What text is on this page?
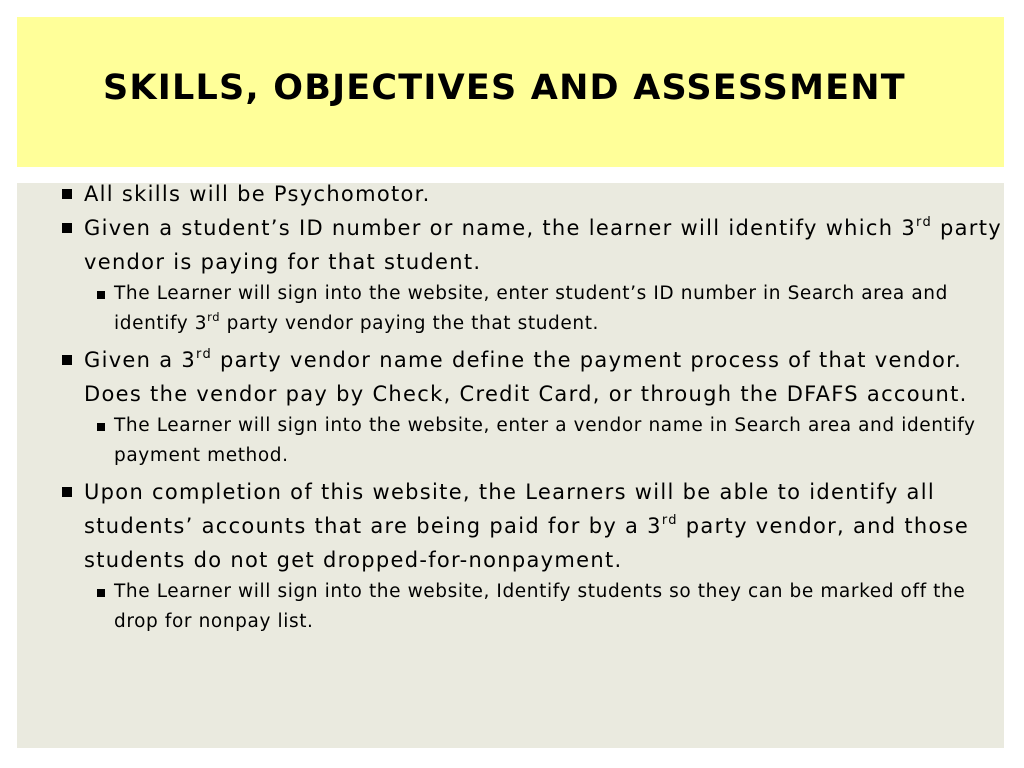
SKILLS, OBJECTIVES AND ASSESSMENT
All skills will be Psychomotor.
Given a student’s ID number or name, the learner will identify which 3rd party vendor is paying for that student.
The Learner will sign into the website, enter student’s ID number in Search area and identify 3rd party vendor paying the that student.
Given a 3rd party vendor name define the payment process of that vendor. Does the vendor pay by Check, Credit Card, or through the DFAFS account.
The Learner will sign into the website, enter a vendor name in Search area and identify payment method.
Upon completion of this website, the Learners will be able to identify all students’ accounts that are being paid for by a 3rd party vendor, and those students do not get dropped-for-nonpayment.
The Learner will sign into the website, Identify students so they can be marked off the drop for nonpay list.
